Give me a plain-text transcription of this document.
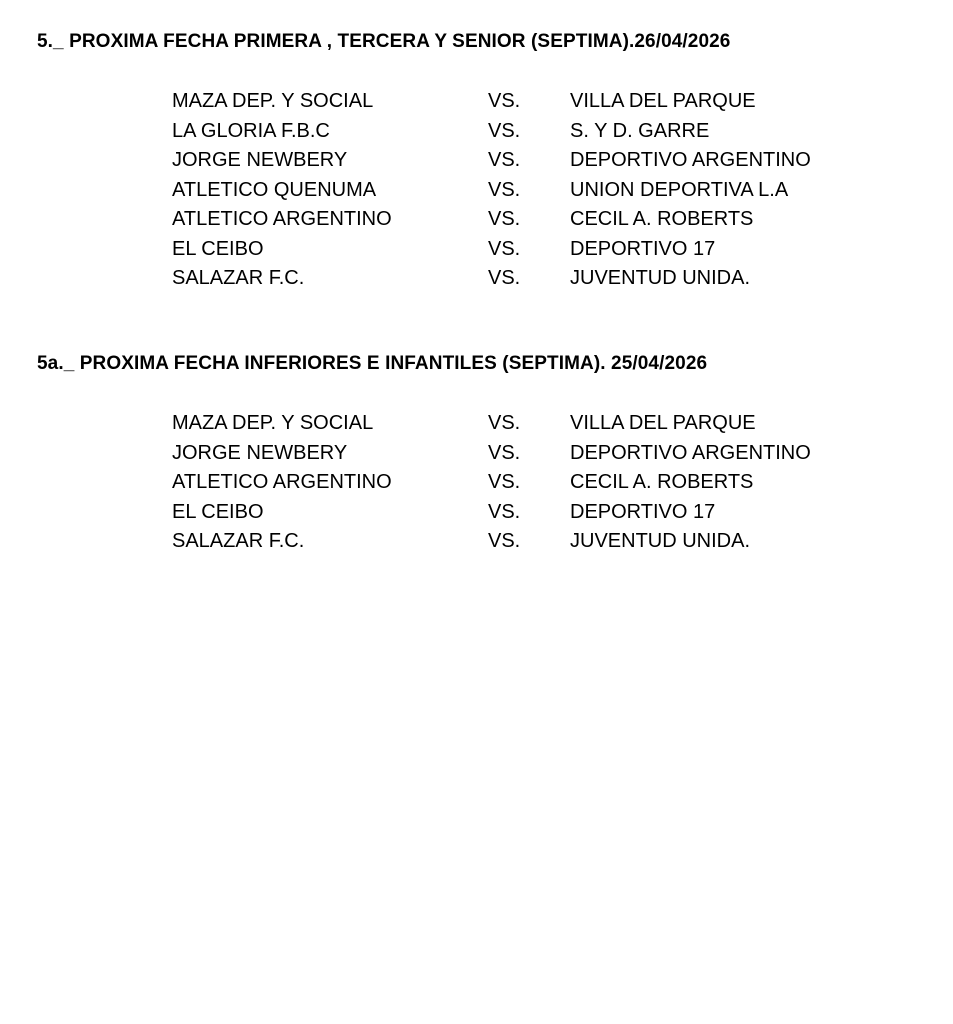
5._ PROXIMA FECHA PRIMERA , TERCERA Y SENIOR (SEPTIMA).26/04/2026
MAZA DEP. Y SOCIAL	VS. VILLA DEL PARQUE
LA GLORIA F.B.C	VS. S. Y D. GARRE
JORGE NEWBERY	VS. DEPORTIVO ARGENTINO
ATLETICO QUENUMA	VS. UNION DEPORTIVA L.A
ATLETICO ARGENTINO	VS. CECIL A. ROBERTS
EL CEIBO	VS. DEPORTIVO 17
SALAZAR F.C.	VS. JUVENTUD UNIDA.
5a._ PROXIMA FECHA INFERIORES E INFANTILES (SEPTIMA). 25/04/2026
MAZA DEP. Y SOCIAL	VS. VILLA DEL PARQUE
JORGE NEWBERY	VS. DEPORTIVO ARGENTINO
ATLETICO ARGENTINO	VS. CECIL A. ROBERTS
EL CEIBO	VS. DEPORTIVO 17
SALAZAR F.C.	VS. JUVENTUD UNIDA.
